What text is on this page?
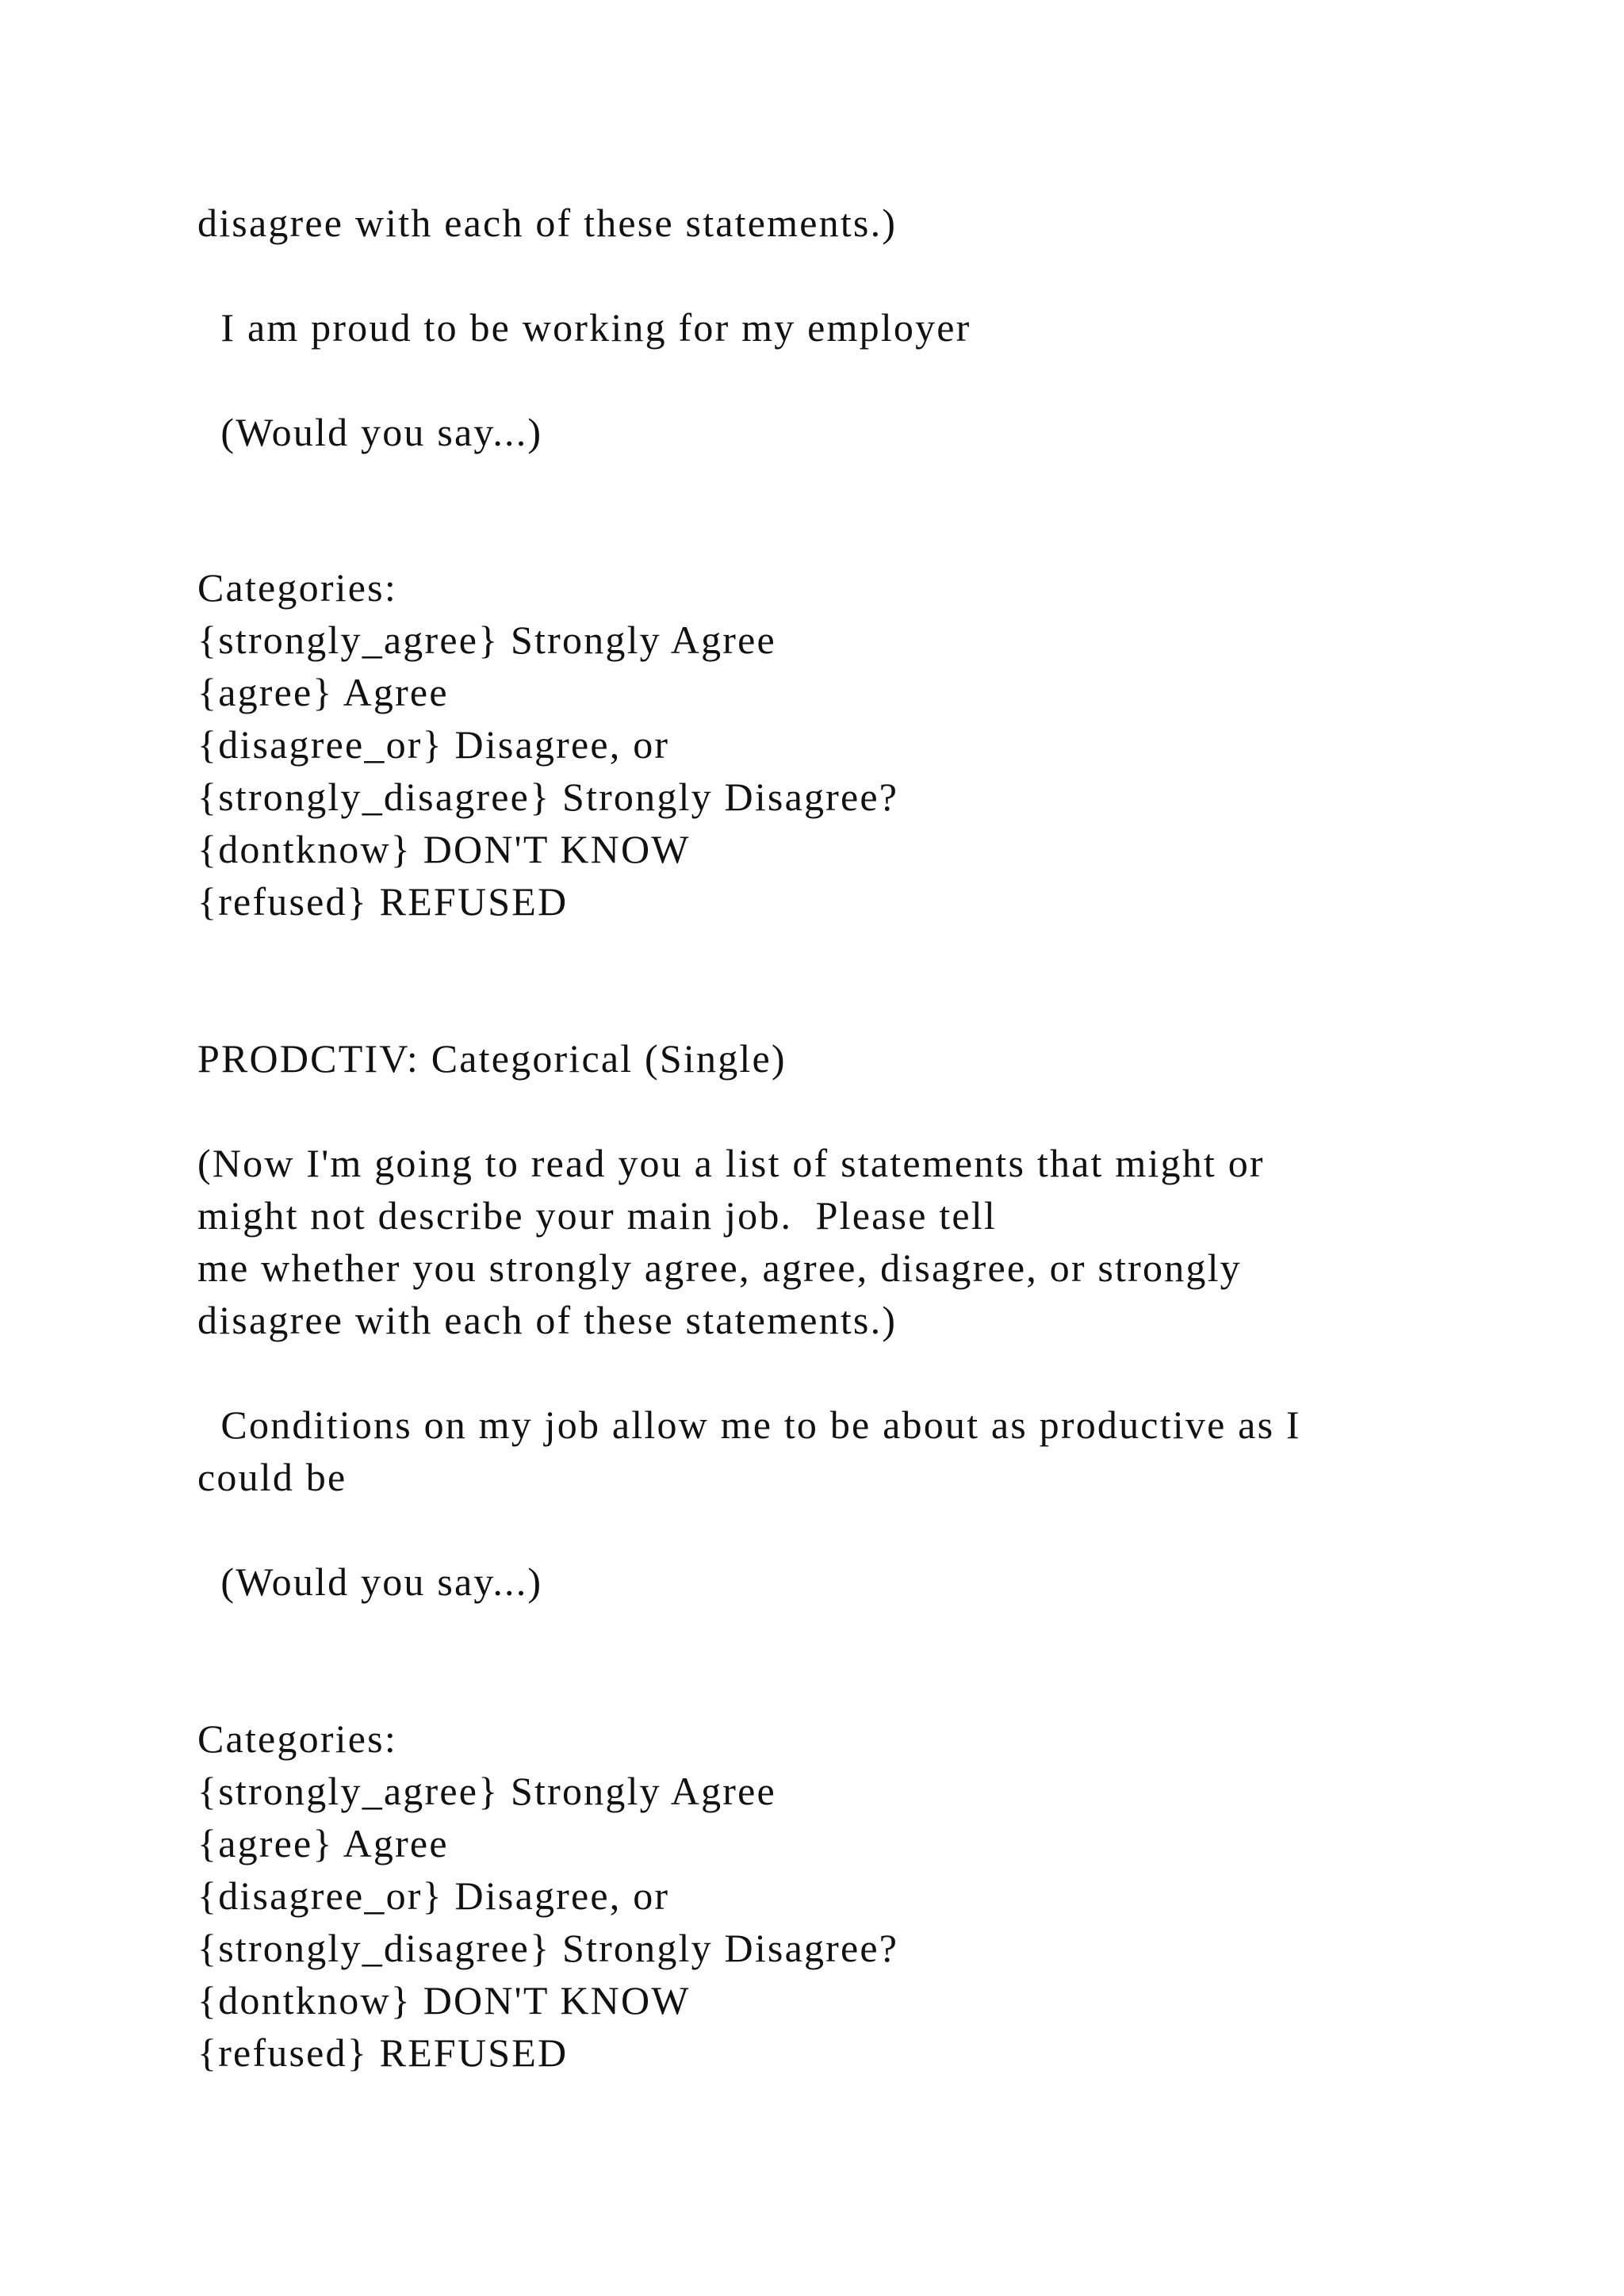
disagree with each of these statements.)
I am proud to be working for my employer
(Would you say...)
Categories:
{strongly_agree} Strongly Agree
{agree} Agree
{disagree_or} Disagree, or
{strongly_disagree} Strongly Disagree?
{dontknow} DON'T KNOW
{refused} REFUSED
PRODCTIV: Categorical (Single)
(Now I'm going to read you a list of statements that might or
might not describe your main job.  Please tell
me whether you strongly agree, agree, disagree, or strongly
disagree with each of these statements.)
Conditions on my job allow me to be about as productive as I
could be
(Would you say...)
Categories:
{strongly_agree} Strongly Agree
{agree} Agree
{disagree_or} Disagree, or
{strongly_disagree} Strongly Disagree?
{dontknow} DON'T KNOW
{refused} REFUSED
